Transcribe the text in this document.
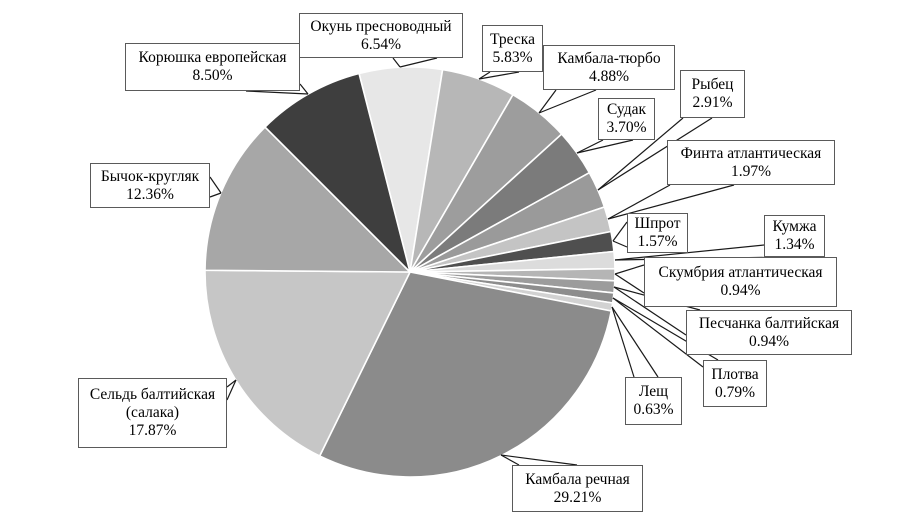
Окунь пресноводный
6.54%	Треска
5.83%	Камбала-тюрбо
4.88%
Судак
3.70%
Рыбец
2.91%
Финта атлантическая
1.97%
Шпрот
1.57%
Кумжа
1.34%
Скумбрия атлантическая
0.94%
Песчанка балтийская
0.94%
Плотва
0.79%
Лещ
0.63%
Камбала речная
29.21%
Сельдь балтийская (салака)
17.87%
Бычок-кругляк
12.36%
Корюшка европейская
8.50%
